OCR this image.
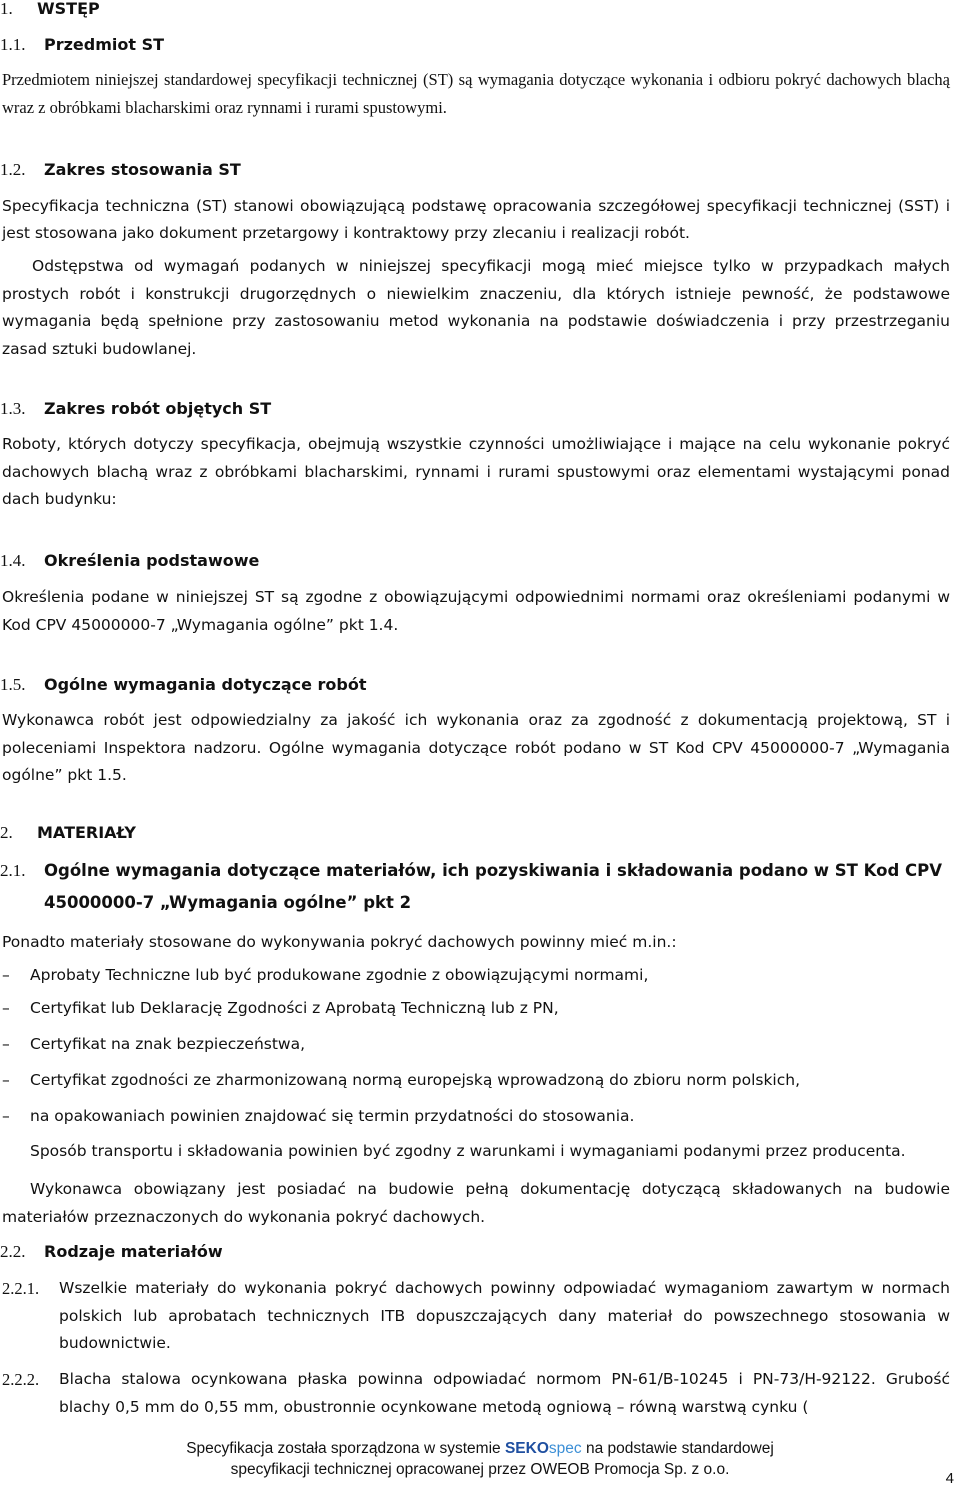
1. WSTĘP
1.1. Przedmiot ST
Przedmiotem niniejszej standardowej specyfikacji technicznej (ST) są wymagania dotyczące wykonania i odbioru pokryć dachowych blachą wraz z obróbkami blacharskimi oraz rynnami i rurami spustowymi.
1.2. Zakres stosowania ST
Specyfikacja techniczna (ST) stanowi obowiązującą podstawę opracowania szczegółowej specyfikacji technicznej (SST) i jest stosowana jako dokument przetargowy i kontraktowy przy zlecaniu i realizacji robót.
Odstępstwa od wymagań podanych w niniejszej specyfikacji mogą mieć miejsce tylko w przypadkach małych prostych robót i konstrukcji drugorzędnych o niewielkim znaczeniu, dla których istnieje pewność, że podstawowe wymagania będą spełnione przy zastosowaniu metod wykonania na podstawie doświadczenia i przy przestrzeganiu zasad sztuki budowlanej.
1.3. Zakres robót objętych ST
Roboty, których dotyczy specyfikacja, obejmują wszystkie czynności umożliwiające i mające na celu wykonanie pokryć dachowych blachą wraz z obróbkami blacharskimi, rynnami i rurami spustowymi oraz elementami wystającymi ponad dach budynku:
1.4. Określenia podstawowe
Określenia podane w niniejszej ST są zgodne z obowiązującymi odpowiednimi normami oraz określeniami podanymi w Kod CPV 45000000-7 „Wymagania ogólne” pkt 1.4.
1.5. Ogólne wymagania dotyczące robót
Wykonawca robót jest odpowiedzialny za jakość ich wykonania oraz za zgodność z dokumentacją projektową, ST i poleceniami Inspektora nadzoru. Ogólne wymagania dotyczące robót podano w ST Kod CPV 45000000-7 „Wymagania ogólne” pkt 1.5.
2. MATERIAŁY
2.1. Ogólne wymagania dotyczące materiałów, ich pozyskiwania i składowania podano w ST Kod CPV
45000000-7 „Wymagania ogólne” pkt 2
Ponadto materiały stosowane do wykonywania pokryć dachowych powinny mieć m.in.:
– Aprobaty Techniczne lub być produkowane zgodnie z obowiązującymi normami,
– Certyfikat lub Deklarację Zgodności z Aprobatą Techniczną lub z PN,
– Certyfikat na znak bezpieczeństwa,
– Certyfikat zgodności ze zharmonizowaną normą europejską wprowadzoną do zbioru norm polskich,
– na opakowaniach powinien znajdować się termin przydatności do stosowania.
Sposób transportu i składowania powinien być zgodny z warunkami i wymaganiami podanymi przez producenta.
Wykonawca obowiązany jest posiadać na budowie pełną dokumentację dotyczącą składowanych na budowie materiałów przeznaczonych do wykonania pokryć dachowych.
2.2. Rodzaje materiałów
2.2.1. Wszelkie materiały do wykonania pokryć dachowych powinny odpowiadać wymaganiom zawartym w normach polskich lub aprobatach technicznych ITB dopuszczających dany materiał do powszechnego stosowania w budownictwie.
2.2.2. Blacha stalowa ocynkowana płaska powinna odpowiadać normom PN-61/B-10245 i PN-73/H-92122. Grubość blachy 0,5 mm do 0,55 mm, obustronnie ocynkowane metodą ogniową – równą warstwą cynku (
Specyfikacja została sporządzona w systemie SEKOspec na podstawie standardowej
specyfikacji technicznej opracowanej przez OWEOB Promocja Sp. z o.o.
4
